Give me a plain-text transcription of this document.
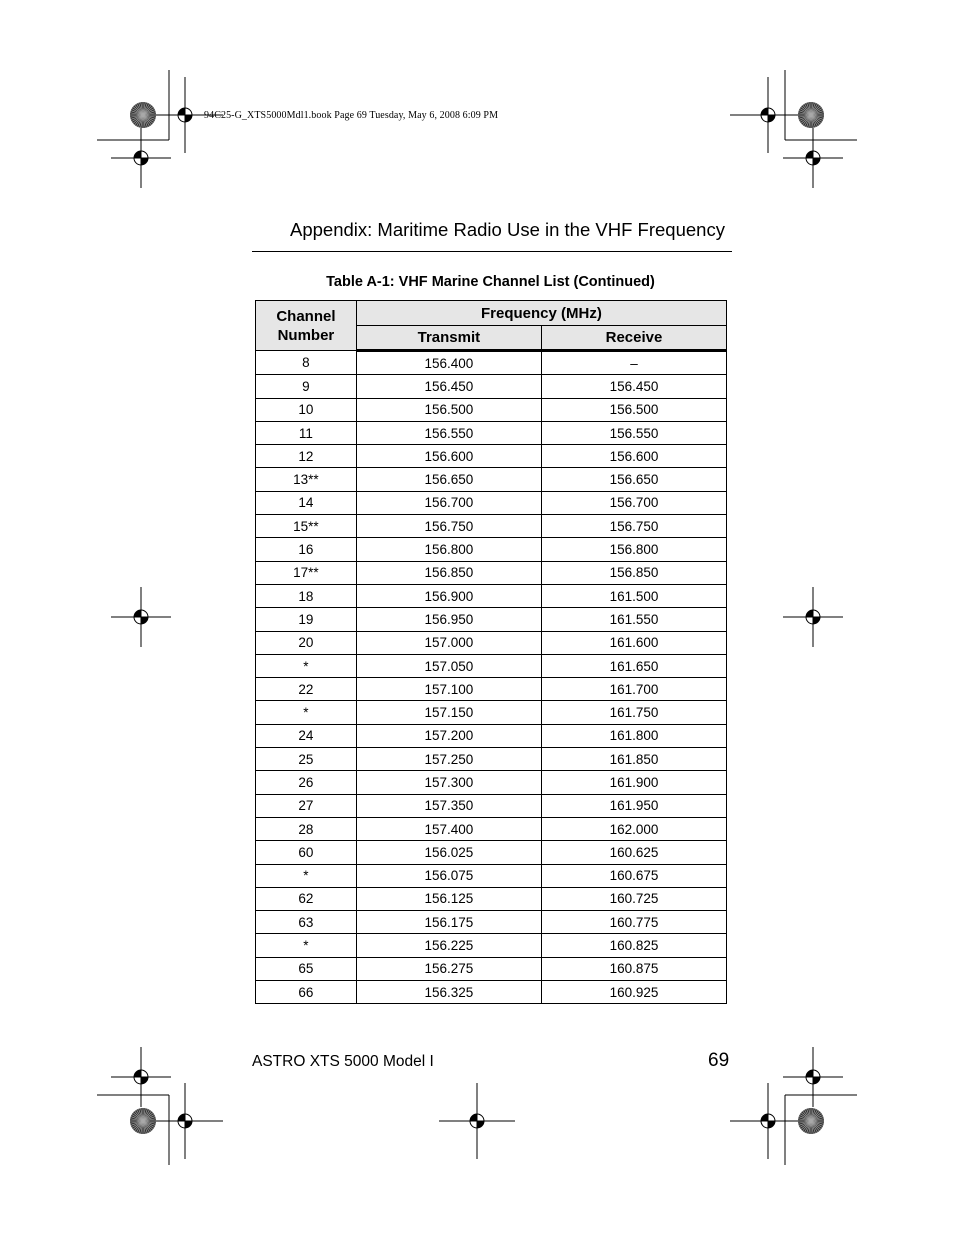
94C25-G_XTS5000Mdl1.book Page 69 Tuesday, May 6, 2008 6:09 PM
Appendix: Maritime Radio Use in the VHF Frequency
Table A-1: VHF Marine Channel List (Continued)
Channel Number	Frequency (MHz)	
	Transmit	Receive
8	156.400	–
9	156.450	156.450
10	156.500	156.500
11	156.550	156.550
12	156.600	156.600
13**	156.650	156.650
14	156.700	156.700
15**	156.750	156.750
16	156.800	156.800
17**	156.850	156.850
18	156.900	161.500
19	156.950	161.550
20	157.000	161.600
*	157.050	161.650
22	157.100	161.700
*	157.150	161.750
24	157.200	161.800
25	157.250	161.850
26	157.300	161.900
27	157.350	161.950
28	157.400	162.000
60	156.025	160.625
*	156.075	160.675
62	156.125	160.725
63	156.175	160.775
*	156.225	160.825
65	156.275	160.875
66	156.325	160.925
ASTRO XTS 5000 Model I	69
